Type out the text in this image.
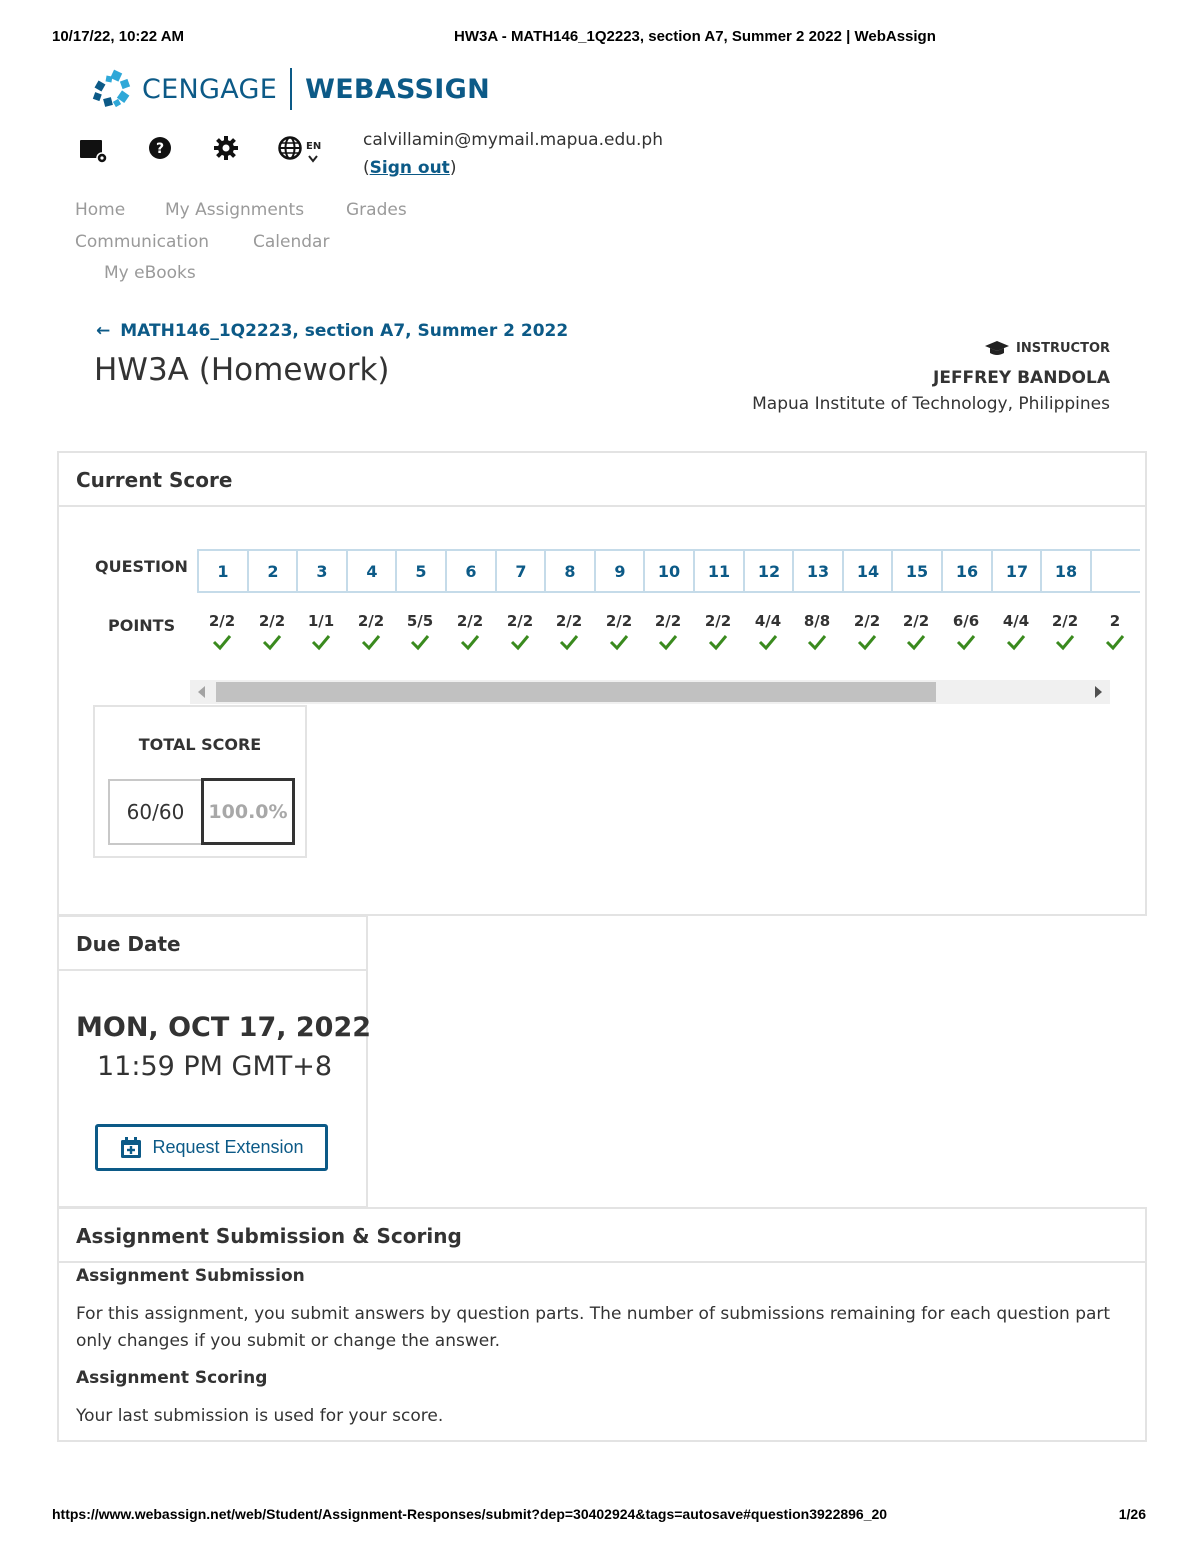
10/17/22, 10:22 AM	HW3A - MATH146_1Q2223, section A7, Summer 2 2022 | WebAssign
CENGAGE WEBASSIGN
?	EN calvillamin@mymail.mapua.edu.ph
(Sign out)
Home My Assignments Grades
Communication	Calendar
My eBooks
← MATH146_1Q2223, section A7, Summer 2 2022
HW3A (Homework)
INSTRUCTOR
JEFFREY BANDOLA
Mapua Institute of Technology, Philippines
Current Score
QUESTION
POINTS
1	2	3	4	5	6	7	8	9	10	11	12	13	14	15	16	17	18
2/2	2/2	1/1	2/2	5/5	2/2	2/2	2/2	2/2	2/2	2/2	4/4	8/8	2/2	2/2	6/6	4/4	2/2	2
TOTAL SCORE
60/60	100.0%
Due Date
MON, OCT 17, 2022
11:59 PM GMT+8
Request Extension
Assignment Submission & Scoring
Assignment Submission
For this assignment, you submit answers by question parts. The number of submissions remaining for each question part only changes if you submit or change the answer.
Assignment Scoring
Your last submission is used for your score.
https://www.webassign.net/web/Student/Assignment-Responses/submit?dep=30402924&tags=autosave#question3922896_20	1/26
